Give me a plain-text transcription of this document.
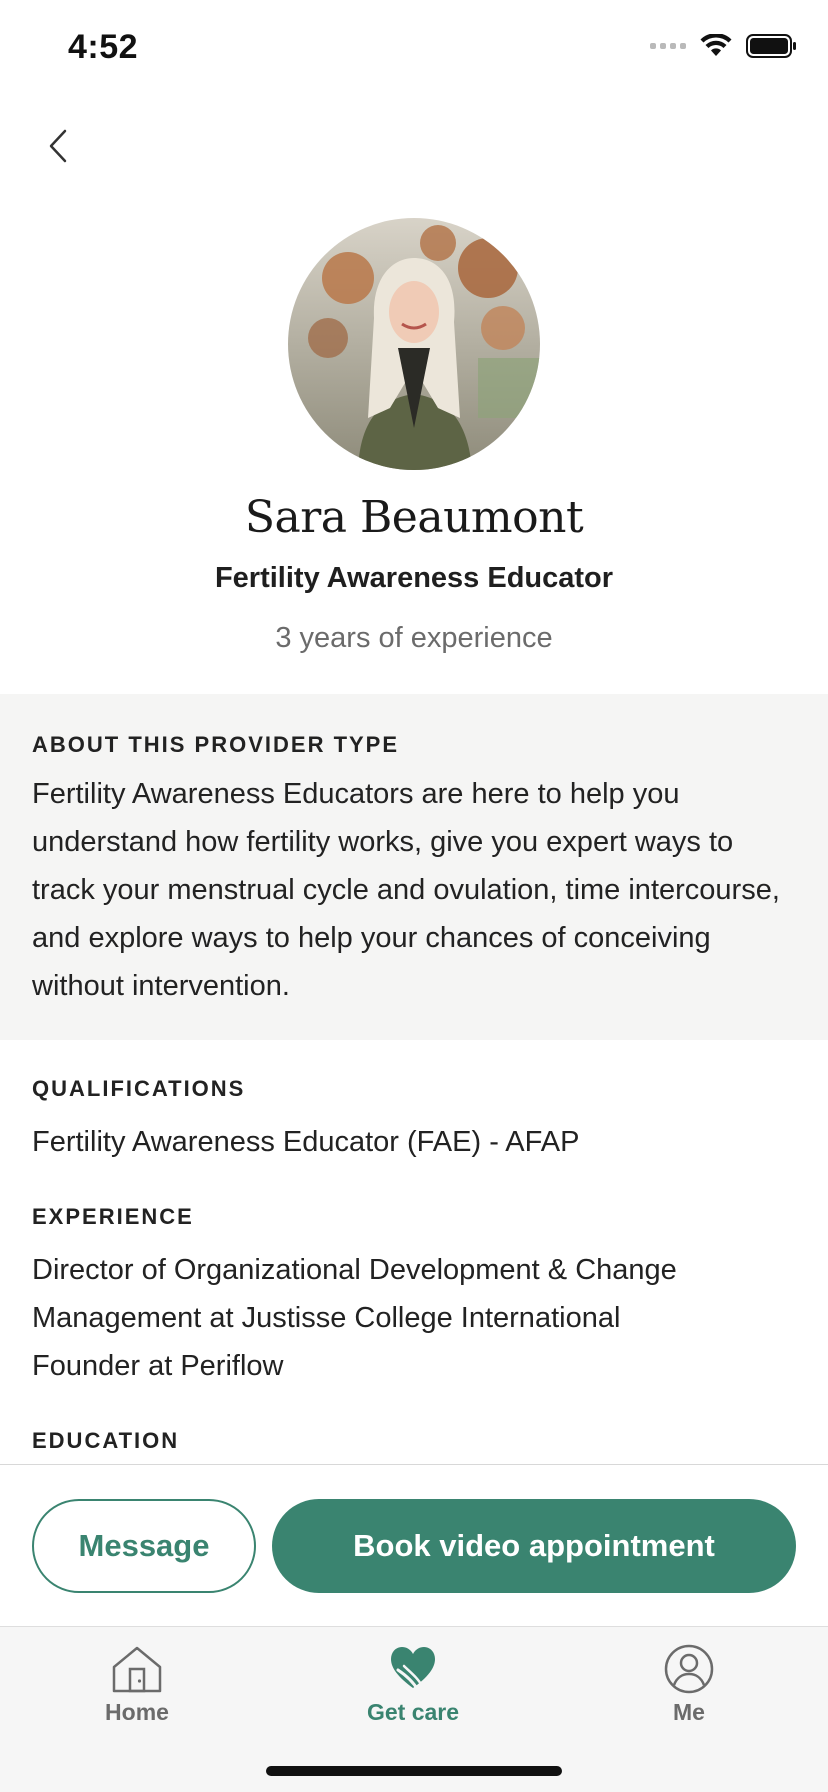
4:52
Sara Beaumont
Fertility Awareness Educator
3 years of experience
ABOUT THIS PROVIDER TYPE
Fertility Awareness Educators are here to help you understand how fertility works, give you expert ways to track your menstrual cycle and ovulation, time intercourse, and explore ways to help your chances of conceiving without intervention.
QUALIFICATIONS
Fertility Awareness Educator (FAE) - AFAP
EXPERIENCE
Director of Organizational Development & Change Management at Justisse College International
Founder at Periflow
EDUCATION
Message	Book video appointment
Home	Get care	Me
